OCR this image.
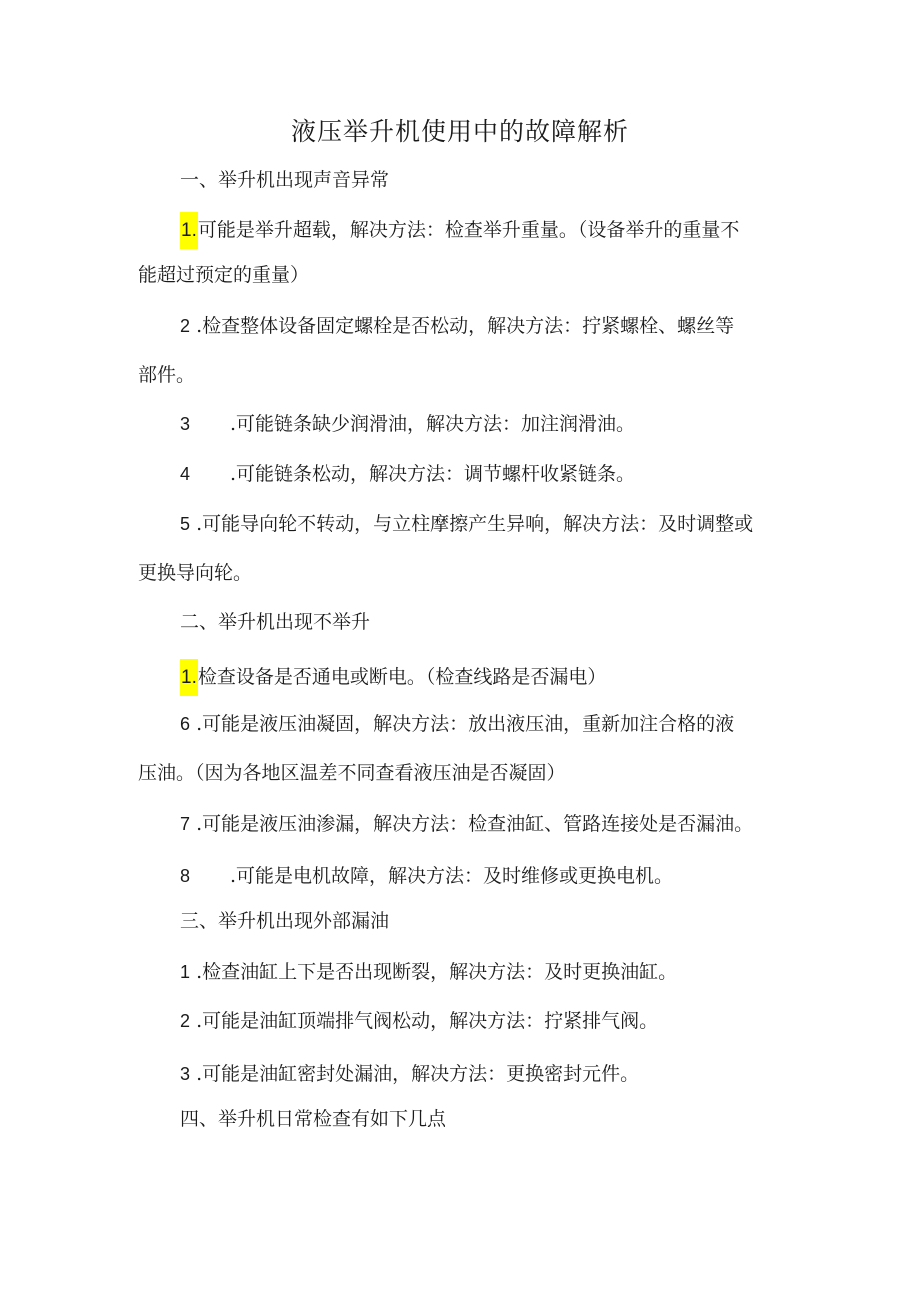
液压举升机使用中的故障解析
一、举升机出现声音异常
1.可能是举升超载，解决方法：检查举升重量。（设备举升的重量不
能超过预定的重量）
2 .检查整体设备固定螺栓是否松动，解决方法：拧紧螺栓、螺丝等
部件。
3 .可能链条缺少润滑油，解决方法：加注润滑油。
4 .可能链条松动，解决方法：调节螺杆收紧链条。
5 .可能导向轮不转动，与立柱摩擦产生异响，解决方法：及时调整或
更换导向轮。
二、举升机出现不举升
1.检查设备是否通电或断电。（检查线路是否漏电）
6 .可能是液压油凝固，解决方法：放出液压油，重新加注合格的液
压油。（因为各地区温差不同查看液压油是否凝固）
7 .可能是液压油渗漏，解决方法：检查油缸、管路连接处是否漏油。
8 .可能是电机故障，解决方法：及时维修或更换电机。
三、举升机出现外部漏油
1 .检查油缸上下是否出现断裂，解决方法：及时更换油缸。
2 .可能是油缸顶端排气阀松动，解决方法：拧紧排气阀。
3 .可能是油缸密封处漏油，解决方法：更换密封元件。
四、举升机日常检查有如下几点
